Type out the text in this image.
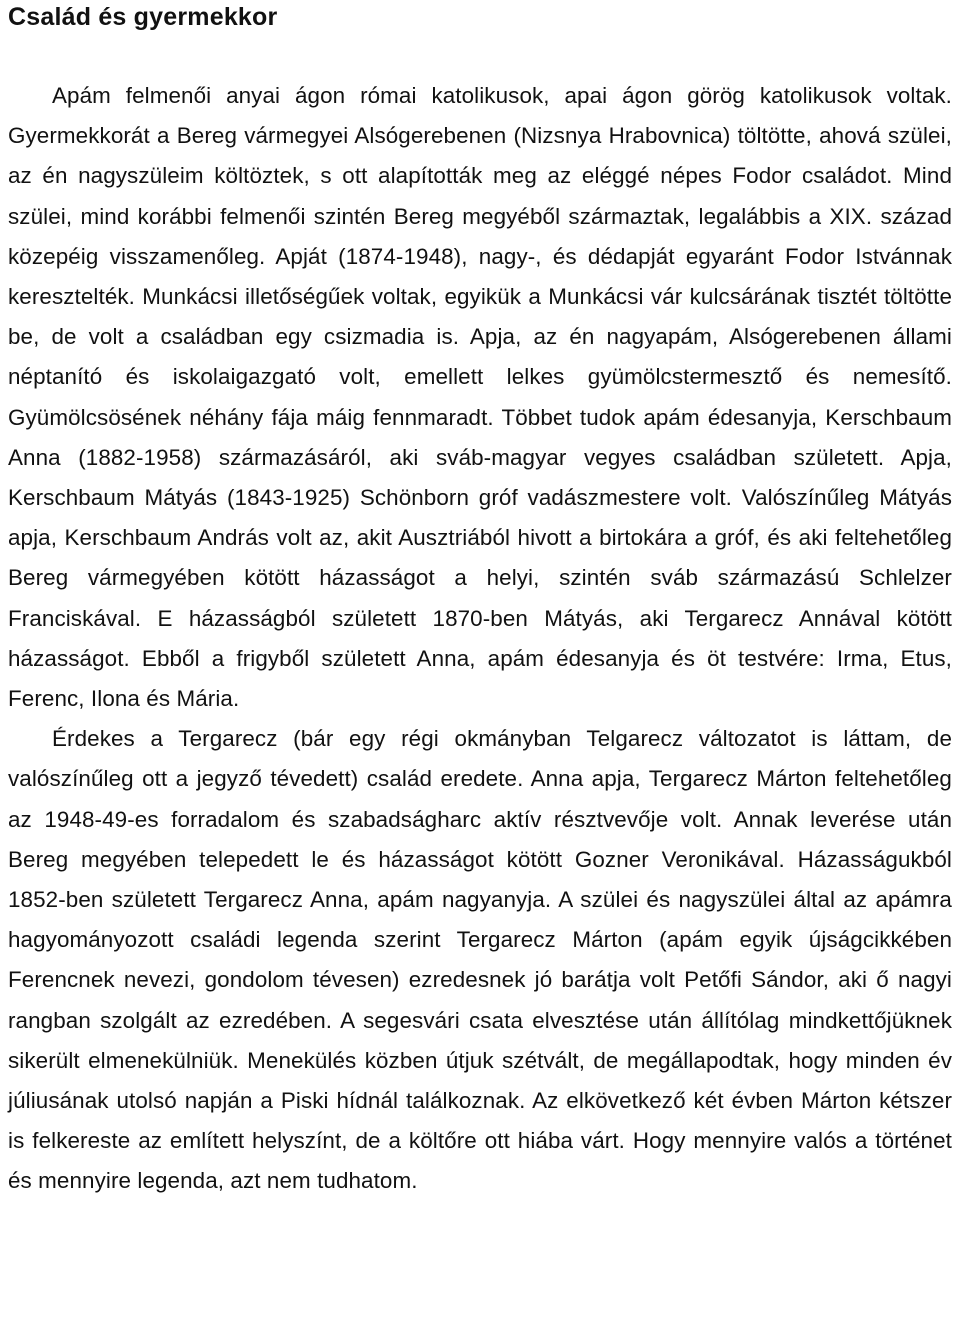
Család és gyermekkor

Apám felmenői anyai ágon római katolikusok, apai ágon görög katolikusok voltak. Gyermekkorát a Bereg vármegyei Alsógerebenen (Nizsnya Hrabovnica) töltötte, ahová szülei, az én nagyszüleim költöztek, s ott alapították meg az eléggé népes Fodor családot. Mind szülei, mind korábbi felmenői szintén Bereg megyéből származtak, legalábbis a XIX. század közepéig visszamenőleg. Apját (1874-1948), nagy-, és dédapját egyaránt Fodor Istvánnak keresztelték. Munkácsi illetőségűek voltak, egyikük a Munkácsi vár kulcsárának tisztét töltötte be, de volt a családban egy csizmadia is. Apja, az én nagyapám, Alsógerebenen állami néptanító és iskolaigazgató volt, emellett lelkes gyümölcstermesztő és nemesítő. Gyümölcsösének néhány fája máig fennmaradt. Többet tudok apám édesanyja, Kerschbaum Anna (1882-1958) származásáról, aki sváb-magyar vegyes családban született. Apja, Kerschbaum Mátyás (1843-1925) Schönborn gróf vadászmestere volt. Valószínűleg Mátyás apja, Kerschbaum András volt az, akit Ausztriából hivott a birtokára a gróf, és aki feltehetőleg Bereg vármegyében kötött házasságot a helyi, szintén sváb származású Schlelzer Franciskával. E házasságból született 1870-ben Mátyás, aki Tergarecz Annával kötött házasságot. Ebből a frigyből született Anna, apám édesanyja és öt testvére: Irma, Etus, Ferenc, Ilona és Mária.

Érdekes a Tergarecz (bár egy régi okmányban Telgarecz változatot is láttam, de valószínűleg ott a jegyző tévedett) család eredete. Anna apja, Tergarecz Márton feltehetőleg az 1948-49-es forradalom és szabadságharc aktív résztvevője volt. Annak leverése után Bereg megyében telepedett le és házasságot kötött Gozner Veronikával. Házasságukból 1852-ben született Tergarecz Anna, apám nagyanyja. A szülei és nagyszülei által az apámra hagyományozott családi legenda szerint Tergarecz Márton (apám egyik újságcikkében Ferencnek nevezi, gondolom tévesen) ezredesnek jó barátja volt Petőfi Sándor, aki ő nagyi rangban szolgált az ezredében. A segesvári csata elvesztése után állítólag mindkettőjüknek sikerült elmenekülniük. Menekülés közben útjuk szétvált, de megállapodtak, hogy minden év júliusának utolsó napján a Piski hídnál találkoznak. Az elkövetkező két évben Márton kétszer is felkereste az említett helyszínt, de a költőre ott hiába várt. Hogy mennyire valós a történet és mennyire legenda, azt nem tudhatom.
